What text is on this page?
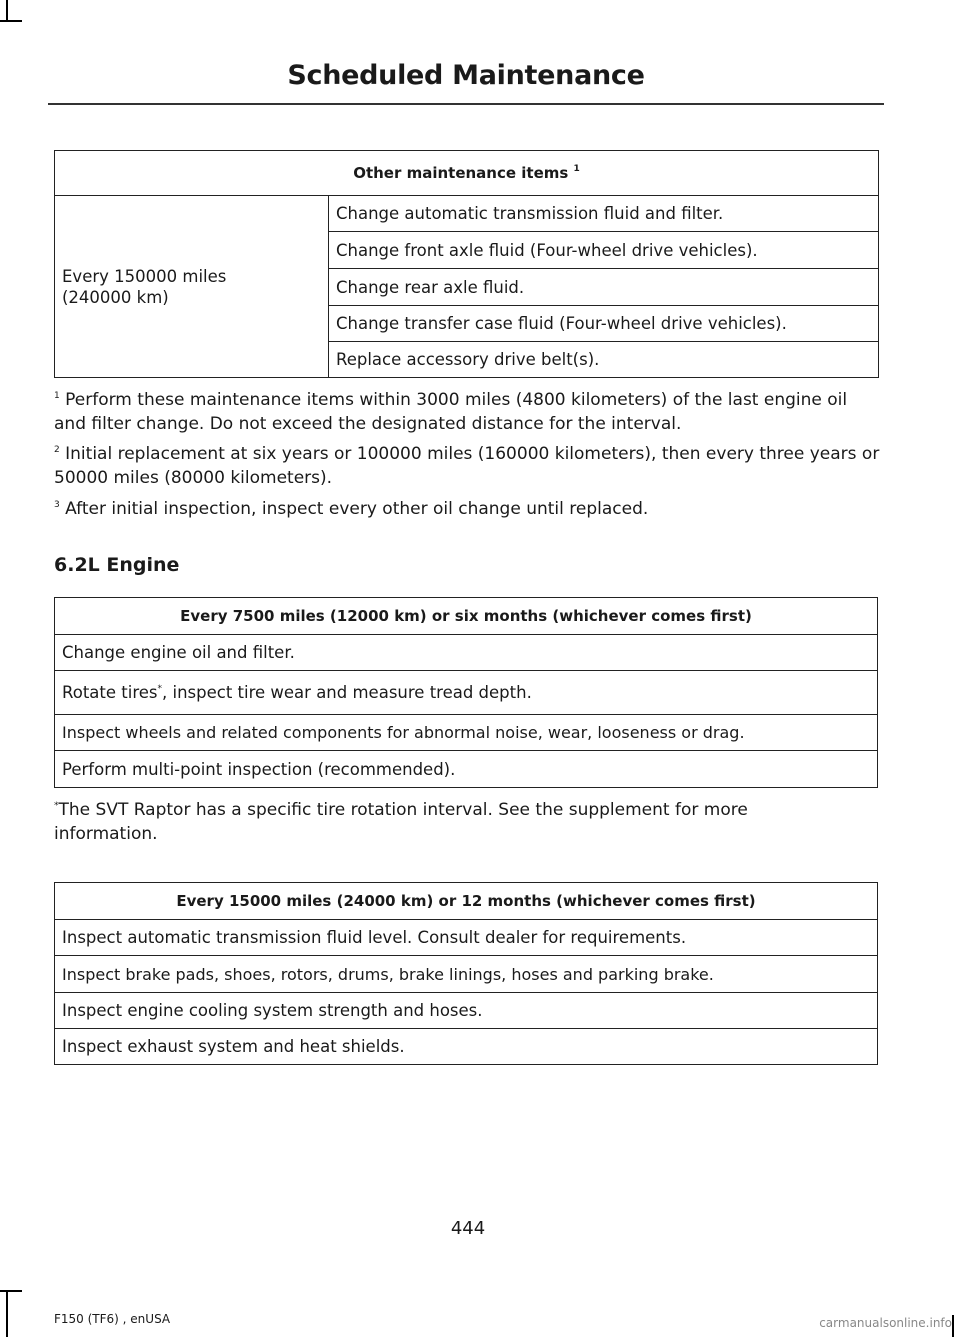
Scheduled Maintenance
Other maintenance items $^1$

Every 150000 miles (240000 km)
	Change automatic transmission fluid and filter.
Change front axle fluid (Four-wheel drive vehicles).
Change rear axle fluid.
Change transfer case fluid (Four-wheel drive vehicles).
Replace accessory drive belt(s).
$^1$ Perform these maintenance items within 3000 miles (4800 kilometers) of the last engine oil and filter change. Do not exceed the designated distance for the interval.
$^2$ Initial replacement at six years or 100000 miles (160000 kilometers), then every three years or 50000 miles (80000 kilometers).
$^3$ After initial inspection, inspect every other oil change until replaced.
6.2L Engine
Every 7500 miles (12000 km) or six months (whichever comes first)
Change engine oil and filter.
Rotate tires*, inspect tire wear and measure tread depth.
Inspect wheels and related components for abnormal noise, wear, looseness or drag.
Perform multi-point inspection (recommended).
*The SVT Raptor has a specific tire rotation interval. See the supplement for more information.
Every 15000 miles (24000 km) or 12 months (whichever comes first)
Inspect automatic transmission fluid level. Consult dealer for requirements.
Inspect brake pads, shoes, rotors, drums, brake linings, hoses and parking brake.
Inspect engine cooling system strength and hoses.
Inspect exhaust system and heat shields.
444
F150 (TF6) , enUSA	carmanualsonline.info
